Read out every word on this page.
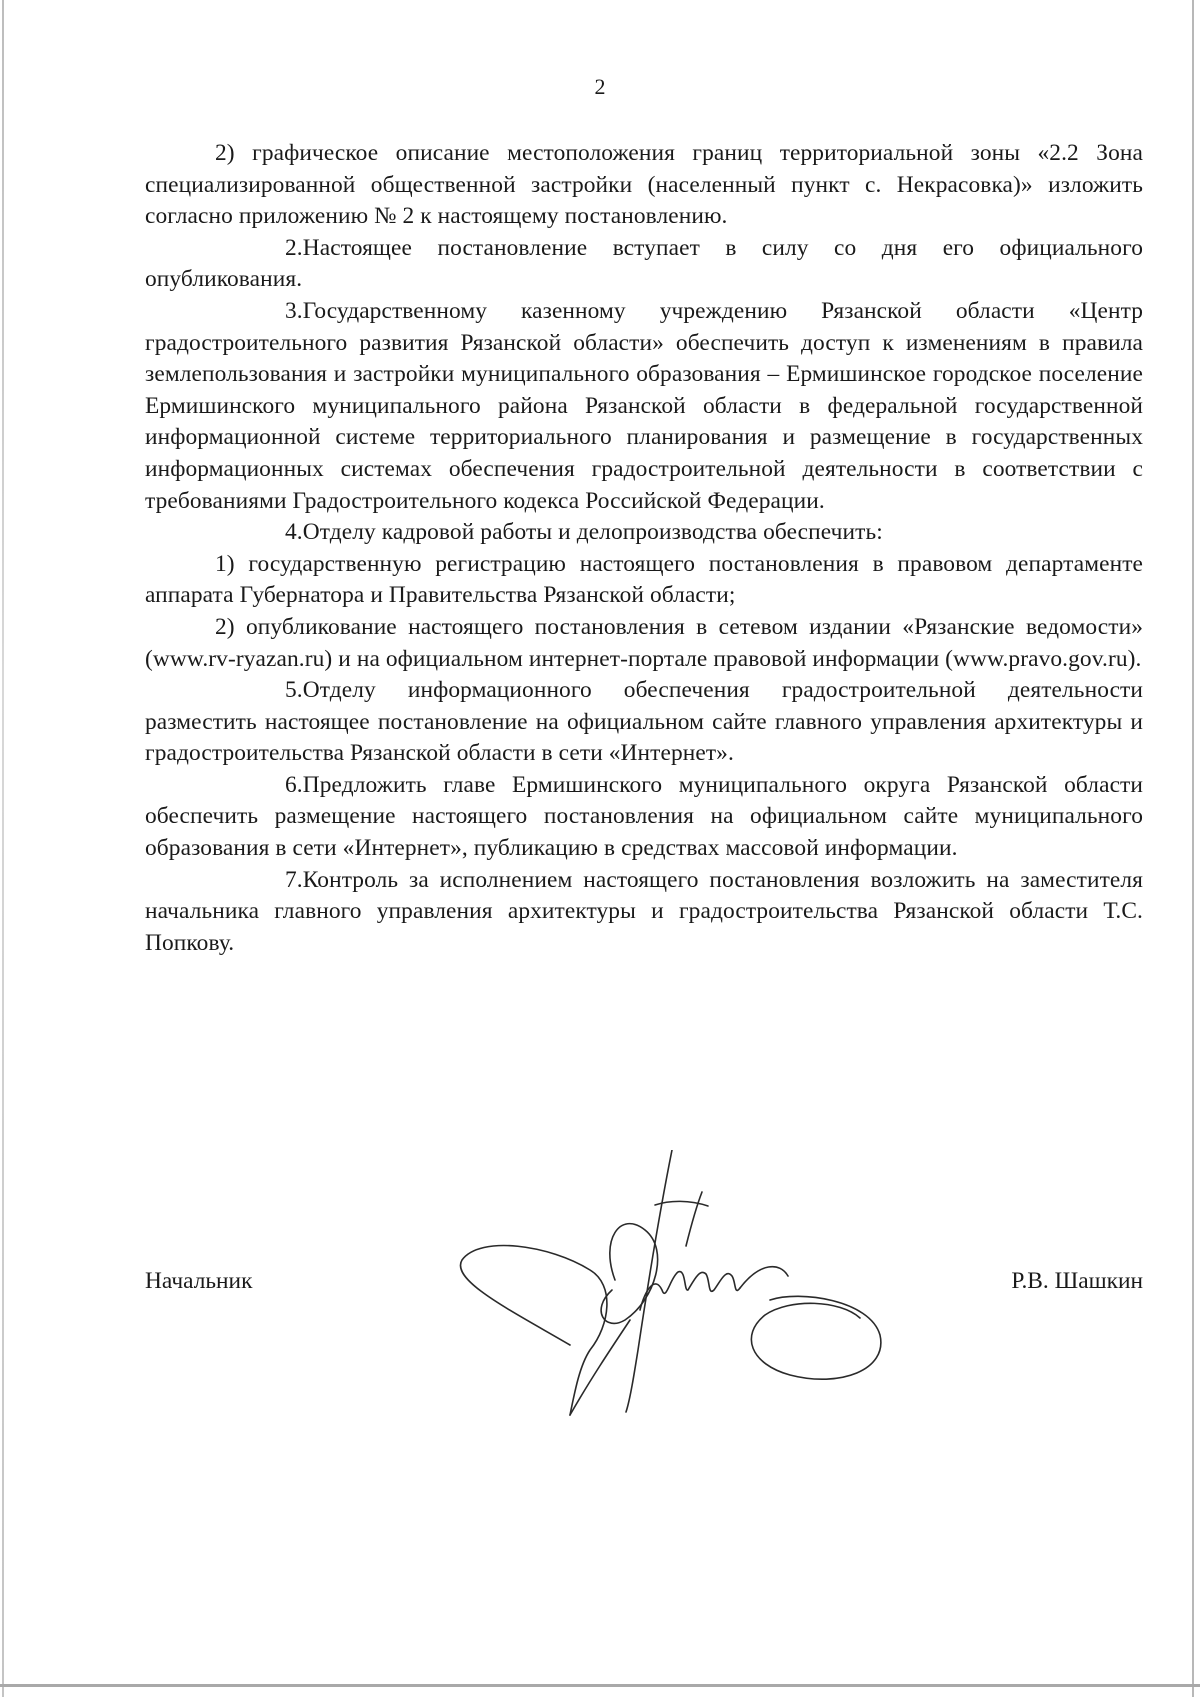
2

2) графическое описание местоположения границ территориальной зоны «2.2 Зона специализированной общественной застройки (населенный пункт с. Некрасовка)» изложить согласно приложению № 2 к настоящему постановлению.

2.Настоящее постановление вступает в силу со дня его официального опубликования.

3.Государственному казенному учреждению Рязанской области «Центр градостроительного развития Рязанской области» обеспечить доступ к изменениям в правила землепользования и застройки муниципального образования – Ермишинское городское поселение Ермишинского муниципального района Рязанской области в федеральной государственной информационной системе территориального планирования и размещение в государственных информационных системах обеспечения градостроительной деятельности в соответствии с требованиями Градостроительного кодекса Российской Федерации.

4.Отделу кадровой работы и делопроизводства обеспечить:

1) государственную регистрацию настоящего постановления в правовом департаменте аппарата Губернатора и Правительства Рязанской области;

2) опубликование настоящего постановления в сетевом издании «Рязанские ведомости» (www.rv-ryazan.ru) и на официальном интернет-портале правовой информации (www.pravo.gov.ru).

5.Отделу информационного обеспечения градостроительной деятельности разместить настоящее постановление на официальном сайте главного управления архитектуры и градостроительства Рязанской области в сети «Интернет».

6.Предложить главе Ермишинского муниципального округа Рязанской области обеспечить размещение настоящего постановления на официальном сайте муниципального образования в сети «Интернет», публикацию в средствах массовой информации.

7.Контроль за исполнением настоящего постановления возложить на заместителя начальника главного управления архитектуры и градостроительства Рязанской области Т.С. Попкову.

Начальник	Р.В. Шашкин
